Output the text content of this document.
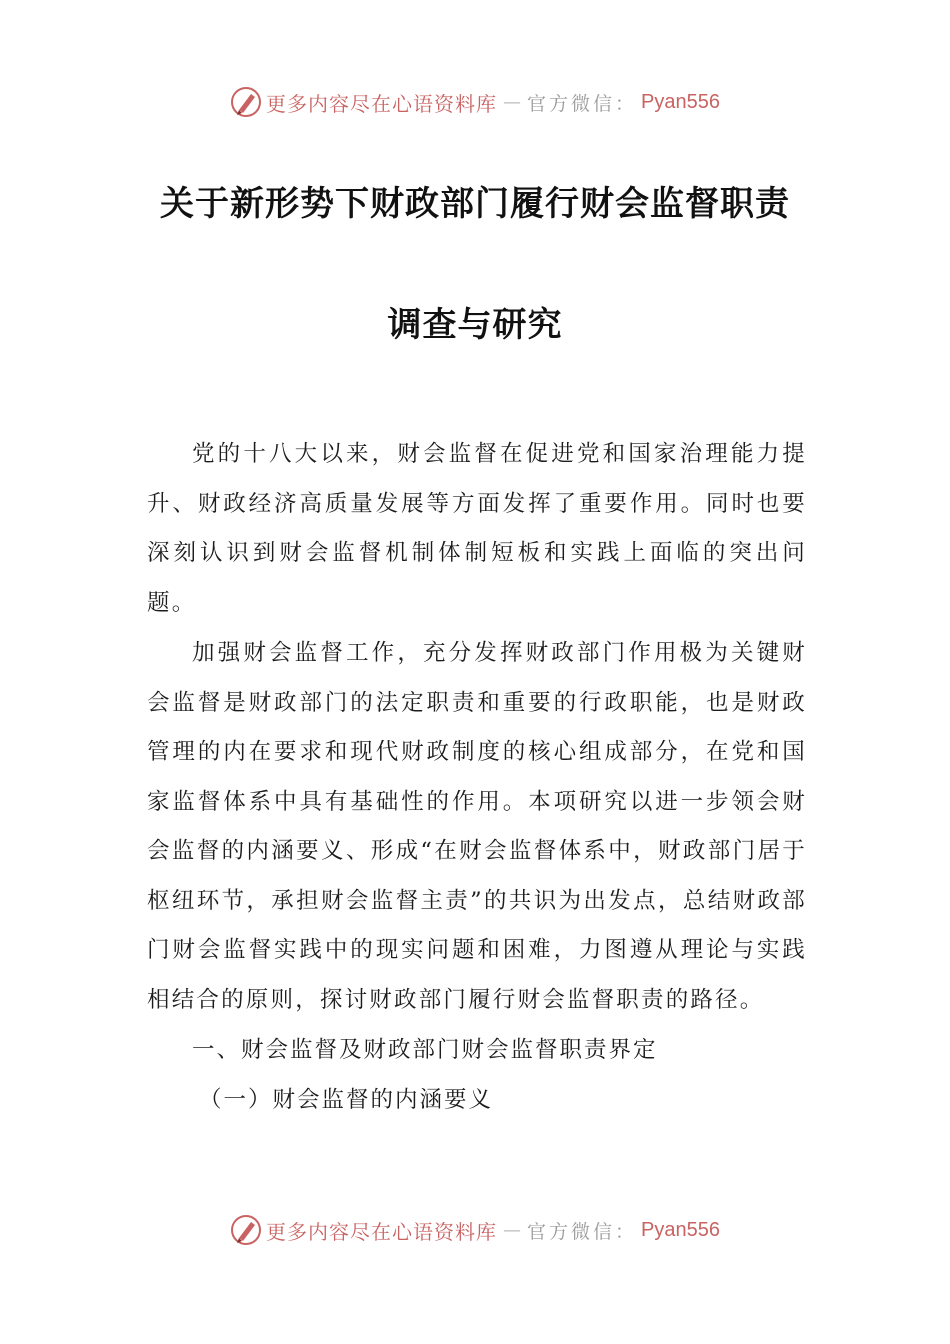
更多内容尽在心语资料库 — 官方微信： Pyan556
关于新形势下财政部门履行财会监督职责
调查与研究

党的十八大以来，财会监督在促进党和国家治理能力提升、财政经济高质量发展等方面发挥了重要作用。同时也要深刻认识到财会监督机制体制短板和实践上面临的突出问题。

加强财会监督工作，充分发挥财政部门作用极为关键财会监督是财政部门的法定职责和重要的行政职能，也是财政管理的内在要求和现代财政制度的核心组成部分，在党和国家监督体系中具有基础性的作用。本项研究以进一步领会财会监督的内涵要义、形成“在财会监督体系中，财政部门居于枢纽环节，承担财会监督主责”的共识为出发点，总结财政部门财会监督实践中的现实问题和困难，力图遵从理论与实践相结合的原则，探讨财政部门履行财会监督职责的路径。

一、财会监督及财政部门财会监督职责界定

（一）财会监督的内涵要义

更多内容尽在心语资料库 — 官方微信： Pyan556
